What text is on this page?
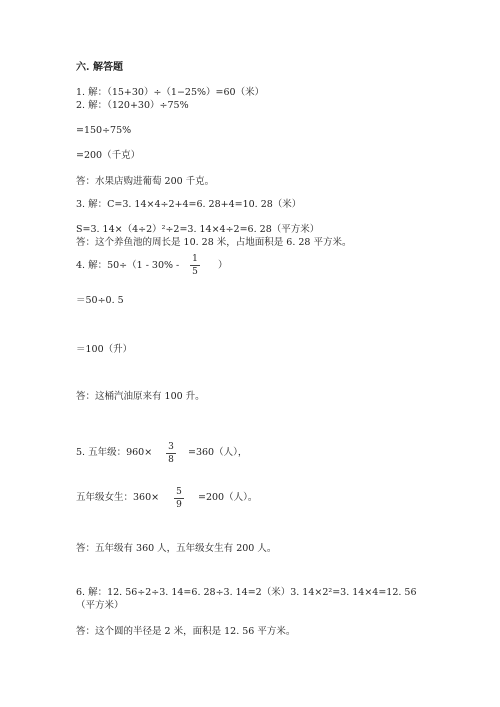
六. 解答题
1. 解：（15+30）÷（1−25%）=60（米）
2. 解：（120+30）÷75%
=150÷75%
=200（千克）
答：水果店购进葡萄 200 千克。
3. 解：C=3. 14×4÷2+4=6. 28+4=10. 28（米）
S=3. 14×（4÷2）²÷2=3. 14×4÷2=6. 28（平方米）
答：这个养鱼池的周长是 10. 28 米，占地面积是 6. 28 平方米。
4. 解：50÷（1 - 30% -
1
5
）
＝50÷0. 5
＝100（升）
答：这桶汽油原来有 100 升。
5. 五年级：960× 3
8
=360（人），
五年级女生：360× 5
9
=200（人）。
答：五年级有 360 人，五年级女生有 200 人。
6. 解：12. 56÷2÷3. 14=6. 28÷3. 14=2（米）3. 14×2²=3. 14×4=12. 56（平方米）
答：这个圆的半径是 2 米，面积是 12. 56 平方米。
